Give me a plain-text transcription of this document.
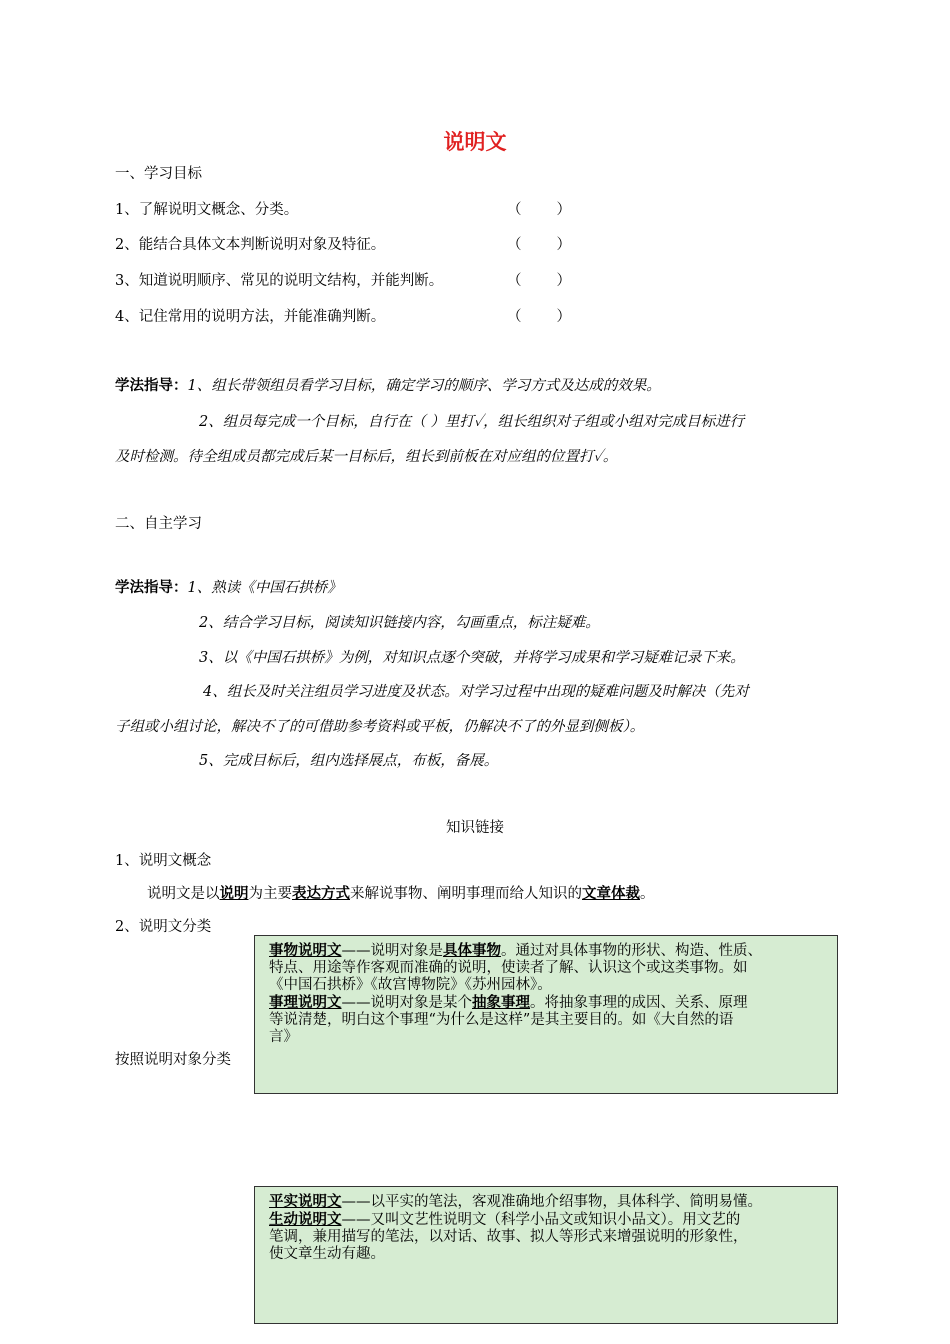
说明文
一、学习目标
1、了解说明文概念、分类。	（　　）
2、能结合具体文本判断说明对象及特征。	（　　）
3、知道说明顺序、常见的说明文结构，并能判断。	（　　）
4、记住常用的说明方法，并能准确判断。	（　　）
学法指导：1、组长带领组员看学习目标，确定学习的顺序、学习方式及达成的效果。
2、组员每完成一个目标，自行在（ ）里打✓，组长组织对子组或小组对完成目标进行
及时检测。待全组成员都完成后某一目标后，组长到前板在对应组的位置打✓。
二、自主学习
学法指导：1、熟读《中国石拱桥》
2、结合学习目标，阅读知识链接内容，勾画重点，标注疑难。
3、以《中国石拱桥》为例，对知识点逐个突破，并将学习成果和学习疑难记录下来。
4、组长及时关注组员学习进度及状态。对学习过程中出现的疑难问题及时解决（先对
子组或小组讨论，解决不了的可借助参考资料或平板，仍解决不了的外显到侧板）。
5、完成目标后，组内选择展点，布板，备展。
知识链接
1、说明文概念
说明文是以说明为主要表达方式来解说事物、阐明事理而给人知识的文章体裁。
2、说明文分类
按照说明对象分类

事物说明文——说明对象是具体事物。通过对具体事物的形状、构造、性质、

特点、用途等作客观而准确的说明，使读者了解、认识这个或这类事物。如

《中国石拱桥》《故宫博物院》《苏州园林》。

事理说明文——说明对象是某个抽象事理。将抽象事理的成因、关系、原理

等说清楚，明白这个事理“为什么是这样”是其主要目的。如《大自然的语

言》

平实说明文——以平实的笔法，客观准确地介绍事物，具体科学、简明易懂。

生动说明文——又叫文艺性说明文（科学小品文或知识小品文）。用文艺的

笔调，兼用描写的笔法，以对话、故事、拟人等形式来增强说明的形象性，

使文章生动有趣。
